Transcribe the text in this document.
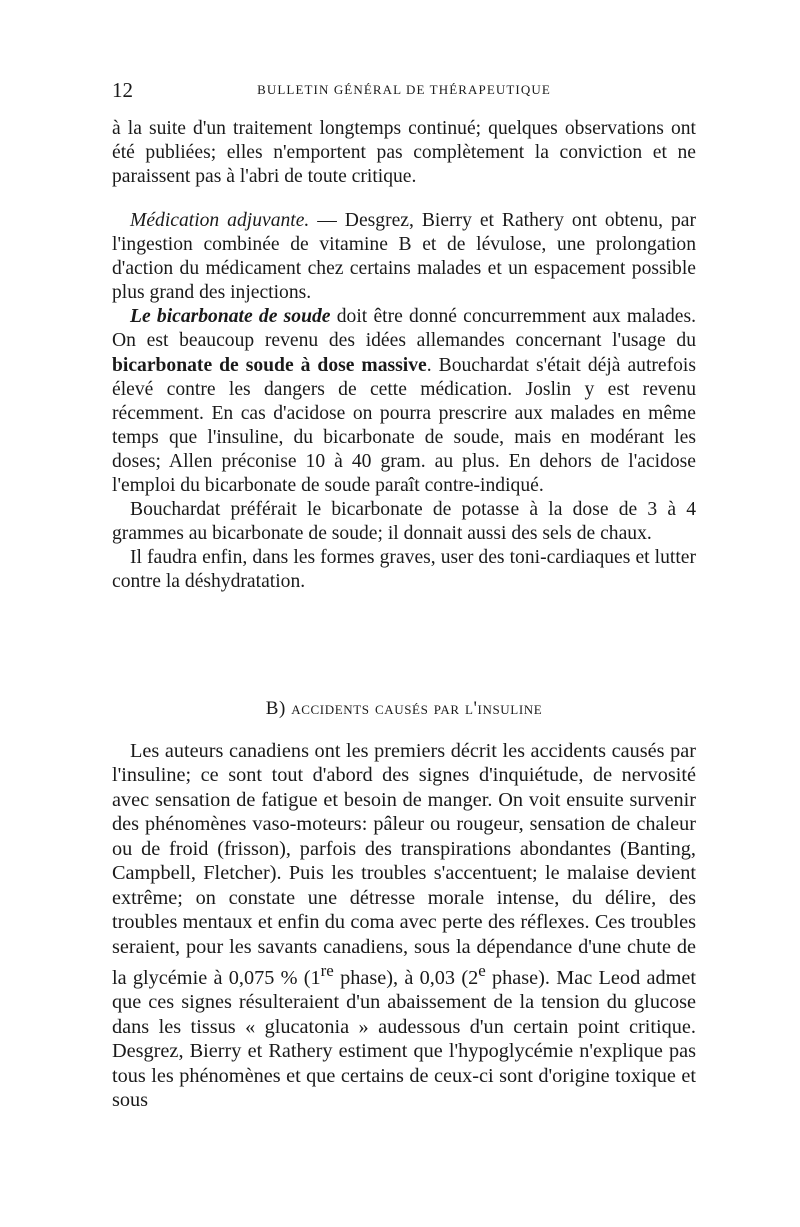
12	BULLETIN GÉNÉRAL DE THÉRAPEUTIQUE

à la suite d'un traitement longtemps continué; quelques observations ont été publiées; elles n'emportent pas complètement la conviction et ne paraissent pas à l'abri de toute critique.

Médication adjuvante. — Desgrez, Bierry et Rathery ont obtenu, par l'ingestion combinée de vitamine B et de lévulose, une prolongation d'action du médicament chez certains malades et un espacement possible plus grand des injections.

Le bicarbonate de soude doit être donné concurremment aux malades. On est beaucoup revenu des idées allemandes concernant l'usage du bicarbonate de soude à dose massive. Bouchardat s'était déjà autrefois élevé contre les dangers de cette médication. Joslin y est revenu récemment. En cas d'acidose on pourra prescrire aux malades en même temps que l'insuline, du bicarbonate de soude, mais en modérant les doses; Allen préconise 10 à 40 gram. au plus. En dehors de l'acidose l'emploi du bicarbonate de soude paraît contre-indiqué.

Bouchardat préférait le bicarbonate de potasse à la dose de 3 à 4 grammes au bicarbonate de soude; il donnait aussi des sels de chaux.

Il faudra enfin, dans les formes graves, user des toni-cardiaques et lutter contre la déshydratation.

B) accidents causés par l'insuline

Les auteurs canadiens ont les premiers décrit les accidents causés par l'insuline; ce sont tout d'abord des signes d'inquiétude, de nervosité avec sensation de fatigue et besoin de manger. On voit ensuite survenir des phénomènes vaso-moteurs: pâleur ou rougeur, sensation de chaleur ou de froid (frisson), parfois des transpirations abondantes (Banting, Campbell, Fletcher). Puis les troubles s'accentuent; le malaise devient extrême; on constate une détresse morale intense, du délire, des troubles mentaux et enfin du coma avec perte des réflexes. Ces troubles seraient, pour les savants canadiens, sous la dépendance d'une chute de la glycémie à 0,075 % (1re phase), à 0,03 (2e phase). Mac Leod admet que ces signes résulteraient d'un abaissement de la tension du glucose dans les tissus « glucatonia » audessous d'un certain point critique. Desgrez, Bierry et Rathery estiment que l'hypoglycémie n'explique pas tous les phénomènes et que certains de ceux-ci sont d'origine toxique et sous
